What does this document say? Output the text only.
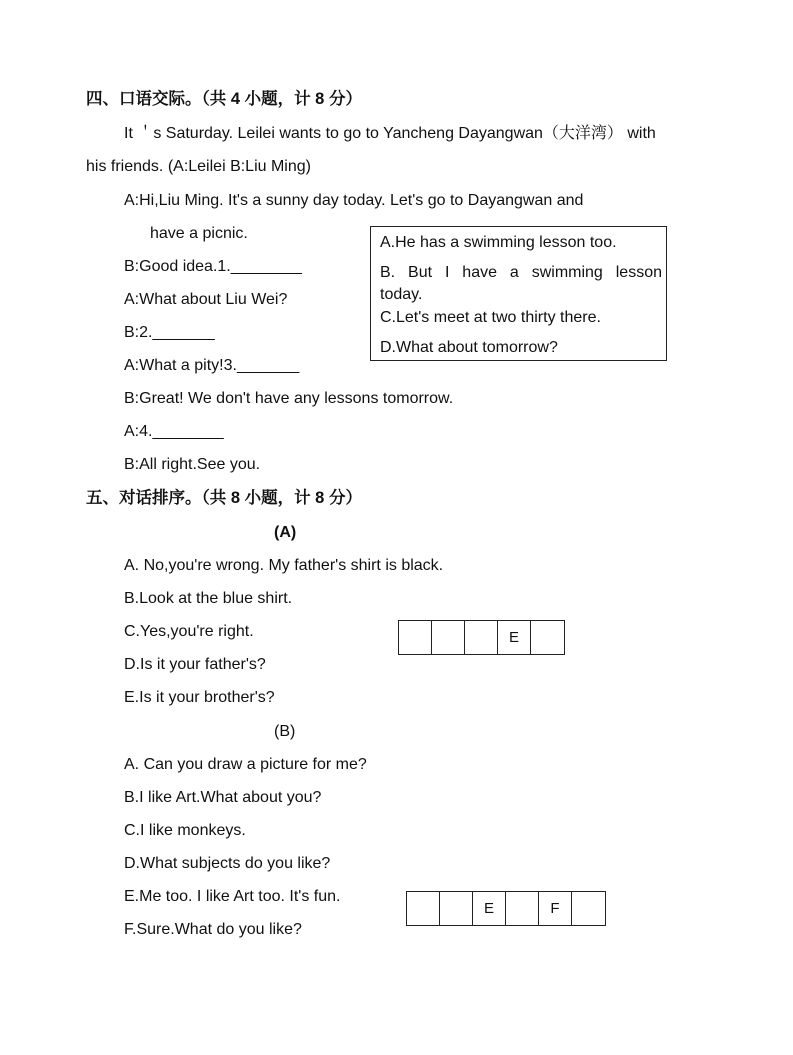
四、口语交际。（共 4 小题，计 8 分）
It ＇s Saturday. Leilei wants to go to Yancheng Dayangwan（大洋湾） with
his friends. (A:Leilei B:Liu Ming)
A:Hi,Liu Ming. It's a sunny day today. Let's go to Dayangwan and
have a picnic.
B:Good idea.1.________
A:What about Liu Wei?
B:2._______
A:What a pity!3._______
B:Great! We don't have any lessons tomorrow.
A:4.________
B:All right.See you.
A.He has a swimming lesson too.
B. But I have a swimming lesson
today.
C.Let's meet at two thirty there.
D.What about tomorrow?
五、对话排序。（共 8 小题，计 8 分）
(A)
A. No,you're wrong. My father's shirt is black.
B.Look at the blue shirt.
C.Yes,you're right.
D.Is it your father's?
E.Is it your brother's?
E
(B)
A. Can you draw a picture for me?
B.I like Art.What about you?
C.I like monkeys.
D.What subjects do you like?
E.Me too. I like Art too. It's fun.
F.Sure.What do you like?
E	F
